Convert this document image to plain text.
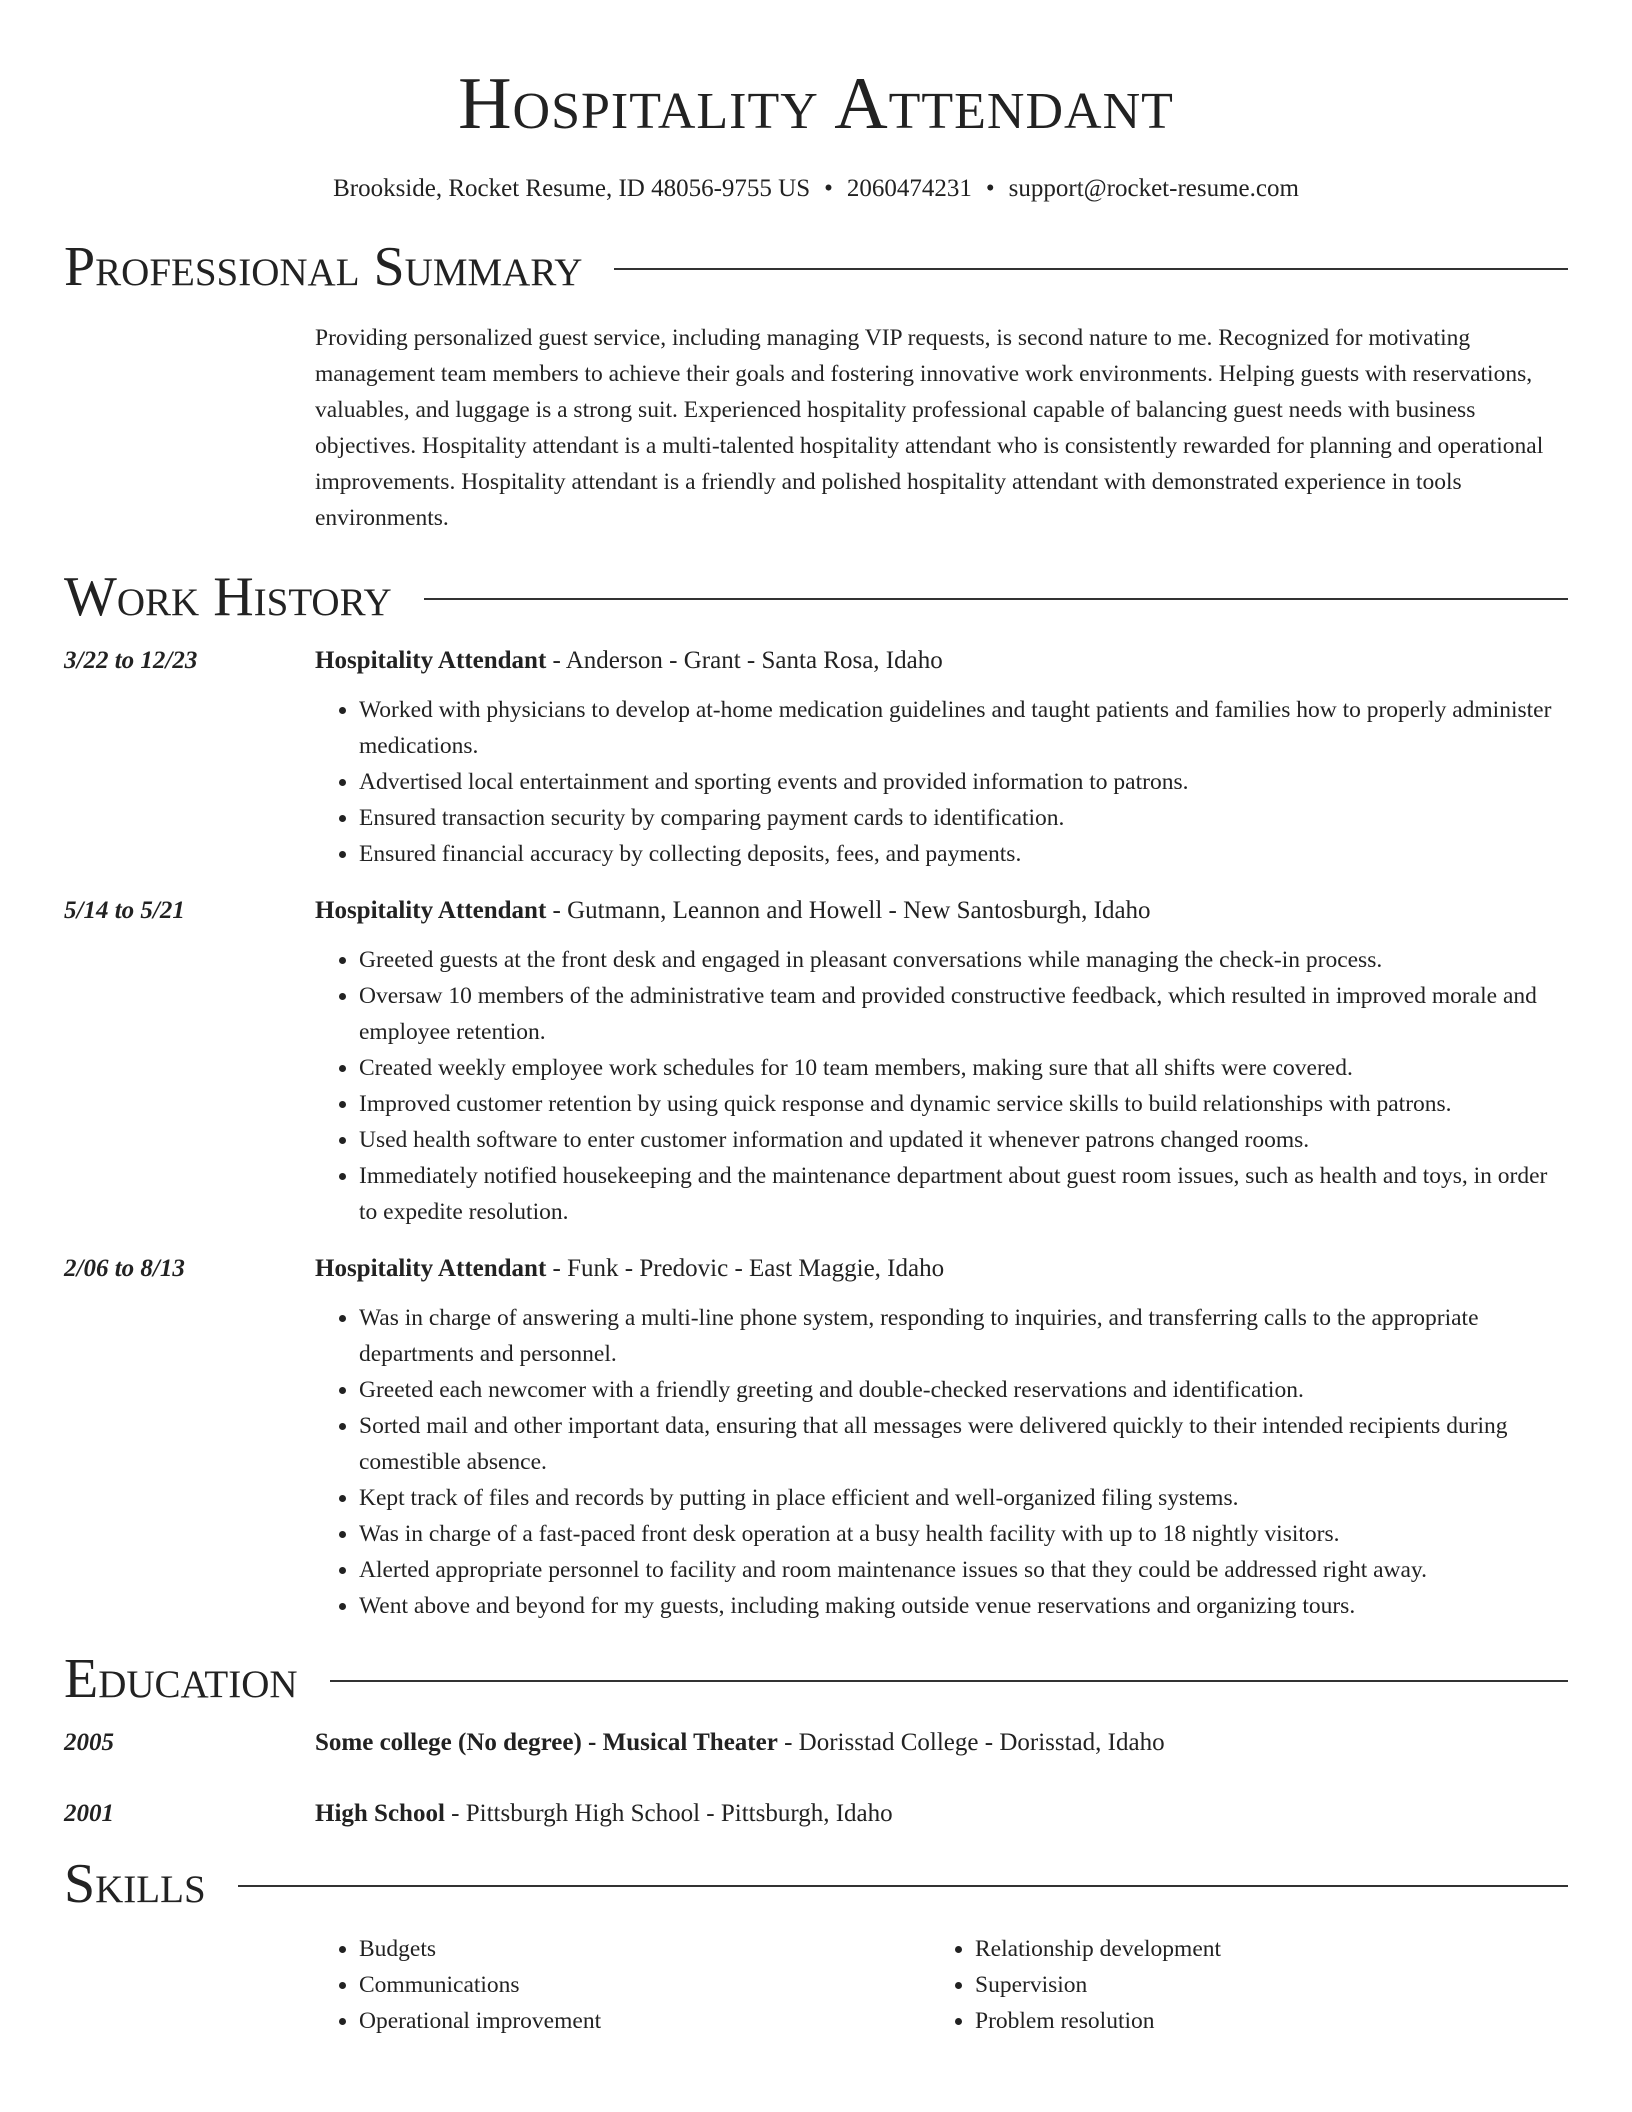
Hospitality Attendant
Brookside, Rocket Resume, ID 48056-9755 US • 2060474231 • support@rocket-resume.com
Professional Summary
Providing personalized guest service, including managing VIP requests, is second nature to me. Recognized for motivating management team members to achieve their goals and fostering innovative work environments. Helping guests with reservations, valuables, and luggage is a strong suit. Experienced hospitality professional capable of balancing guest needs with business objectives. Hospitality attendant is a multi-talented hospitality attendant who is consistently rewarded for planning and operational improvements. Hospitality attendant is a friendly and polished hospitality attendant with demonstrated experience in tools environments.
Work History
3/22 to 12/23	Hospitality Attendant - Anderson - Grant - Santa Rosa, Idaho
• Worked with physicians to develop at-home medication guidelines and taught patients and families how to properly administer medications.
• Advertised local entertainment and sporting events and provided information to patrons.
• Ensured transaction security by comparing payment cards to identification.
• Ensured financial accuracy by collecting deposits, fees, and payments.
5/14 to 5/21	Hospitality Attendant - Gutmann, Leannon and Howell - New Santosburgh, Idaho
• Greeted guests at the front desk and engaged in pleasant conversations while managing the check-in process.
• Oversaw 10 members of the administrative team and provided constructive feedback, which resulted in improved morale and employee retention.
• Created weekly employee work schedules for 10 team members, making sure that all shifts were covered.
• Improved customer retention by using quick response and dynamic service skills to build relationships with patrons.
• Used health software to enter customer information and updated it whenever patrons changed rooms.
• Immediately notified housekeeping and the maintenance department about guest room issues, such as health and toys, in order to expedite resolution.
2/06 to 8/13	Hospitality Attendant - Funk - Predovic - East Maggie, Idaho
• Was in charge of answering a multi-line phone system, responding to inquiries, and transferring calls to the appropriate departments and personnel.
• Greeted each newcomer with a friendly greeting and double-checked reservations and identification.
• Sorted mail and other important data, ensuring that all messages were delivered quickly to their intended recipients during comestible absence.
• Kept track of files and records by putting in place efficient and well-organized filing systems.
• Was in charge of a fast-paced front desk operation at a busy health facility with up to 18 nightly visitors.
• Alerted appropriate personnel to facility and room maintenance issues so that they could be addressed right away.
• Went above and beyond for my guests, including making outside venue reservations and organizing tours.
Education
2005	Some college (No degree) - Musical Theater - Dorisstad College - Dorisstad, Idaho
2001	High School - Pittsburgh High School - Pittsburgh, Idaho
Skills
• Budgets
• Communications
• Operational improvement
• Relationship development
• Supervision
• Problem resolution
